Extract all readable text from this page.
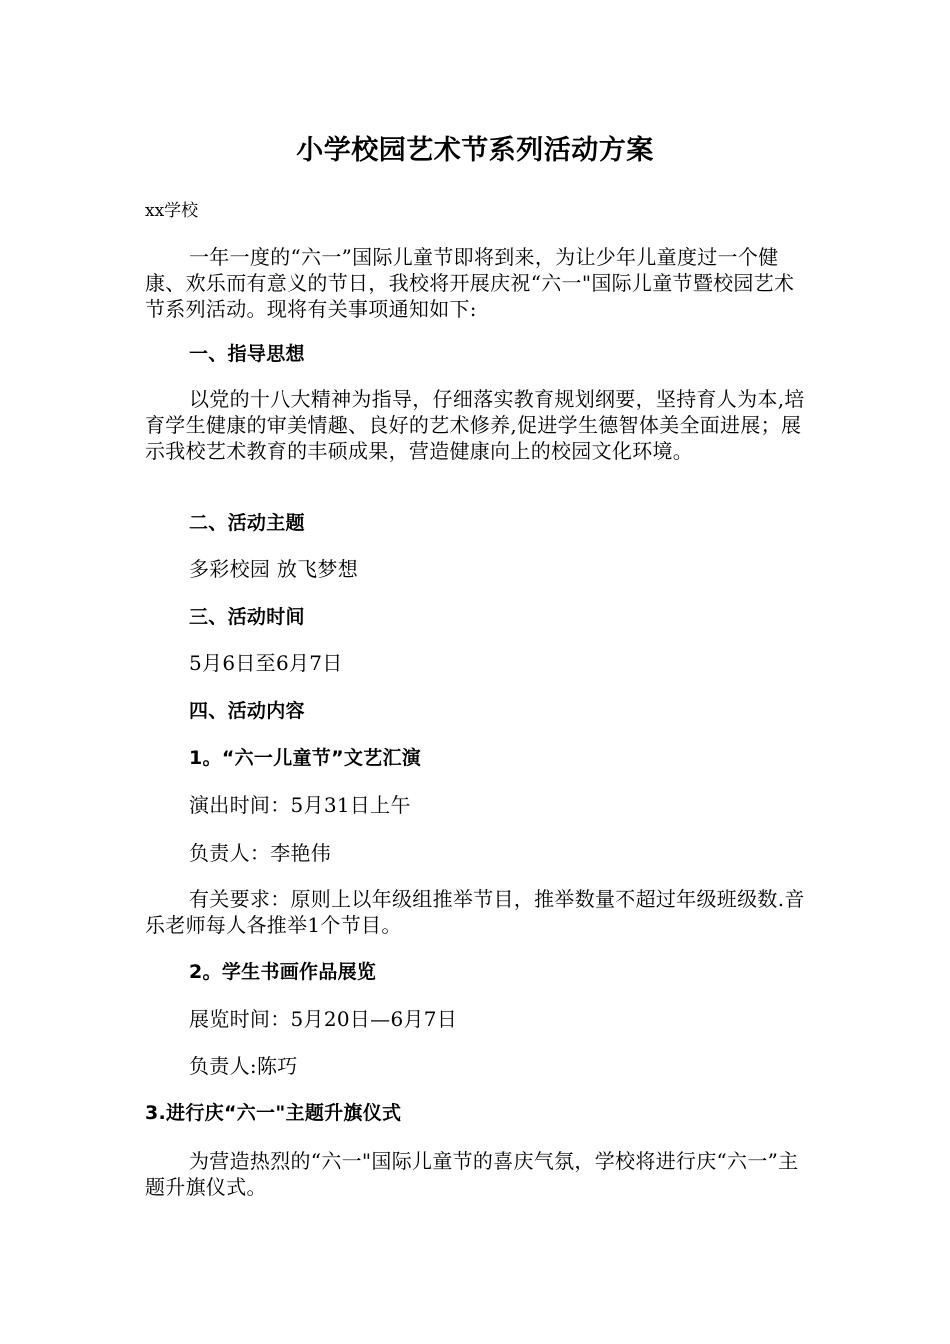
小学校园艺术节系列活动方案
xx学校
一年一度的“六一”国际儿童节即将到来，为让少年儿童度过一个健康、欢乐而有意义的节日，我校将开展庆祝“六一"国际儿童节暨校园艺术节系列活动。现将有关事项通知如下:
一、指导思想
以党的十八大精神为指导，仔细落实教育规划纲要，坚持育人为本,培育学生健康的审美情趣、良好的艺术修养,促进学生德智体美全面进展；展示我校艺术教育的丰硕成果，营造健康向上的校园文化环境。
二、活动主题
多彩校园 放飞梦想
三、活动时间
5月6日至6月7日
四、活动内容
1。“六一儿童节”文艺汇演
演出时间：5月31日上午
负责人：李艳伟
有关要求：原则上以年级组推举节目，推举数量不超过年级班级数.音乐老师每人各推举1个节目。
2。学生书画作品展览
展览时间：5月20日—6月7日
负责人:陈巧
3.进行庆“六一"主题升旗仪式
为营造热烈的“六一"国际儿童节的喜庆气氛，学校将进行庆“六一”主题升旗仪式。
